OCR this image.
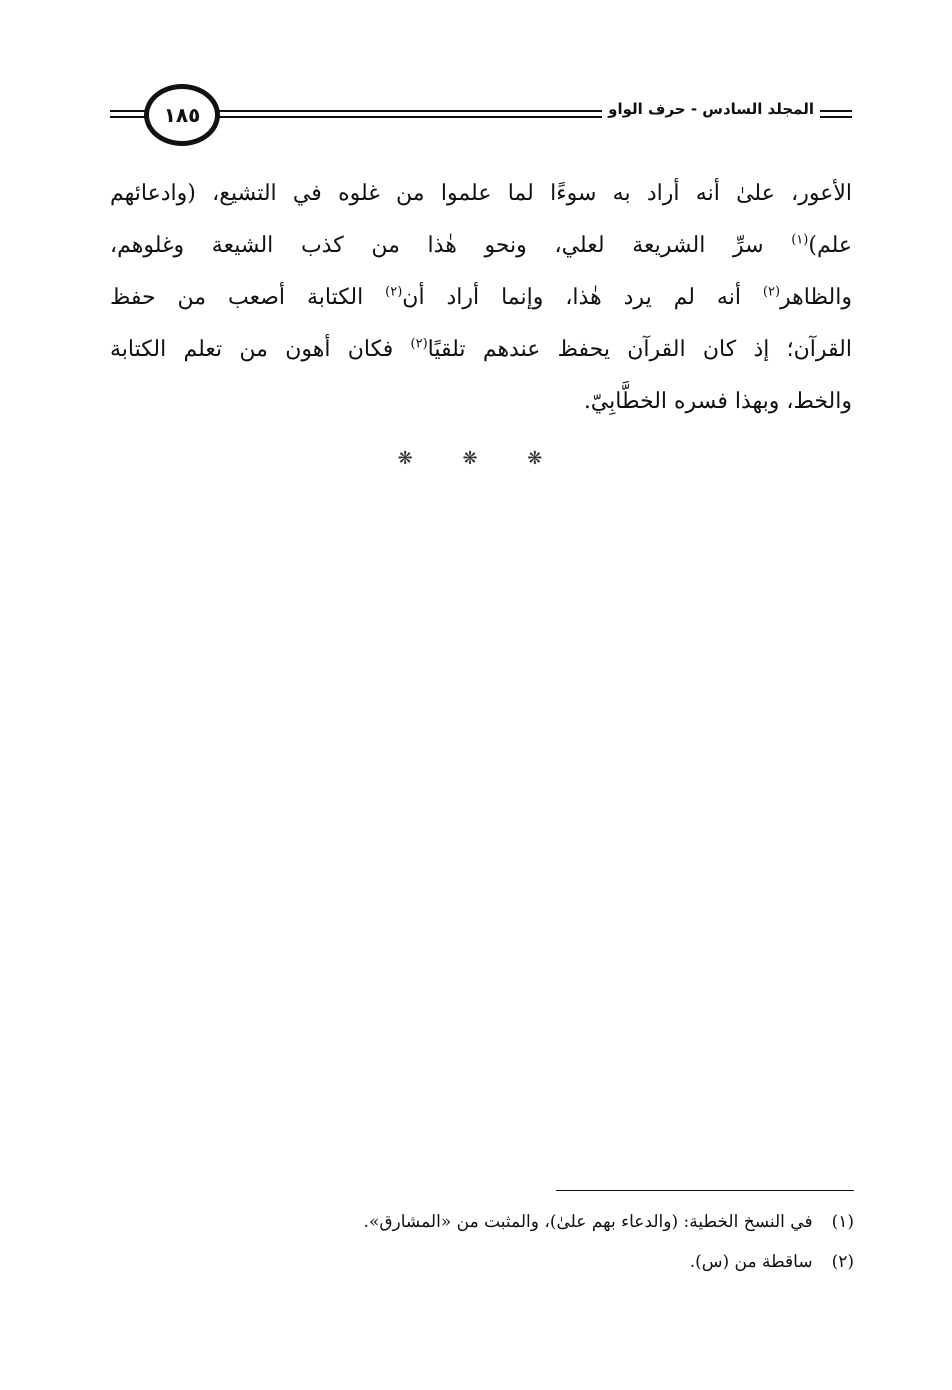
المجلد السادس - حرف الواو
١٨٥
الأعور، علىٰ أنه أراد به سوءًا لما علموا من غلوه في التشيع، (وادعائهم
علم)$^{(١)}$ سرِّ الشريعة لعلي، ونحو هٰذا من كذب الشيعة وغلوهم،
والظاهر$^{(٢)}$ أنه لم يرد هٰذا، وإنما أراد أن$^{(٢)}$ الكتابة أصعب من حفظ
القرآن؛ إذ كان القرآن يحفظ عندهم تلقيًا$^{(٢)}$ فكان أهون من تعلم الكتابة
والخط، وبهذا فسره الخطَّابِيّ.
❋ ❋ ❋
(١) في النسخ الخطية: (والدعاء بهم علىٰ)، والمثبت من «المشارق».
(٢) ساقطة من (س).
